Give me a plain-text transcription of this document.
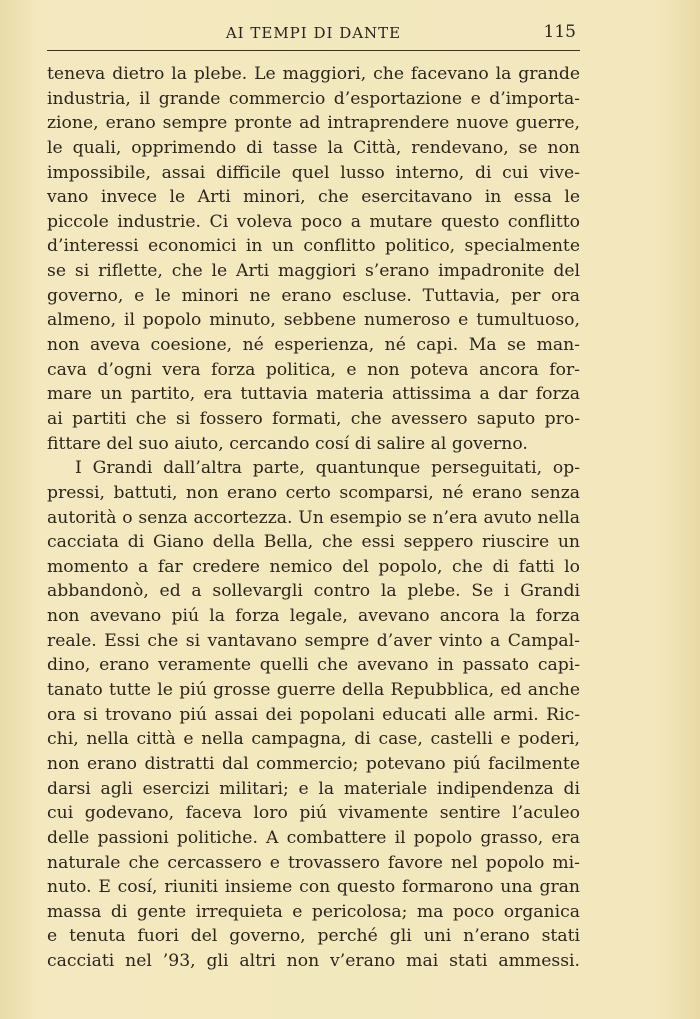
AI TEMPI DI DANTE	115
teneva dietro la plebe. Le maggiori, che facevano la grande
industria, il grande commercio d’esportazione e d’importa-
zione, erano sempre pronte ad intraprendere nuove guerre,
le quali, opprimendo di tasse la Città, rendevano, se non
impossibile, assai difficile quel lusso interno, di cui vive-
vano invece le Arti minori, che esercitavano in essa le
piccole industrie. Ci voleva poco a mutare questo conflitto
d’interessi economici in un conflitto politico, specialmente
se si riflette, che le Arti maggiori s’erano impadronite del
governo, e le minori ne erano escluse. Tuttavia, per ora
almeno, il popolo minuto, sebbene numeroso e tumultuoso,
non aveva coesione, né esperienza, né capi. Ma se man-
cava d’ogni vera forza politica, e non poteva ancora for-
mare un partito, era tuttavia materia attissima a dar forza
ai partiti che si fossero formati, che avessero saputo pro-
fittare del suo aiuto, cercando cosí di salire al governo.
I Grandi dall’altra parte, quantunque perseguitati, op-
pressi, battuti, non erano certo scomparsi, né erano senza
autorità o senza accortezza. Un esempio se n’era avuto nella
cacciata di Giano della Bella, che essi seppero riuscire un
momento a far credere nemico del popolo, che di fatti lo
abbandonò, ed a sollevargli contro la plebe. Se i Grandi
non avevano piú la forza legale, avevano ancora la forza
reale. Essi che si vantavano sempre d’aver vinto a Campal-
dino, erano veramente quelli che avevano in passato capi-
tanato tutte le piú grosse guerre della Repubblica, ed anche
ora si trovano piú assai dei popolani educati alle armi. Ric-
chi, nella città e nella campagna, di case, castelli e poderi,
non erano distratti dal commercio; potevano piú facilmente
darsi agli esercizi militari; e la materiale indipendenza di
cui godevano, faceva loro piú vivamente sentire l’aculeo
delle passioni politiche. A combattere il popolo grasso, era
naturale che cercassero e trovassero favore nel popolo mi-
nuto. E cosí, riuniti insieme con questo formarono una gran
massa di gente irrequieta e pericolosa; ma poco organica
e tenuta fuori del governo, perché gli uni n’erano stati
cacciati nel ’93, gli altri non v’erano mai stati ammessi.
